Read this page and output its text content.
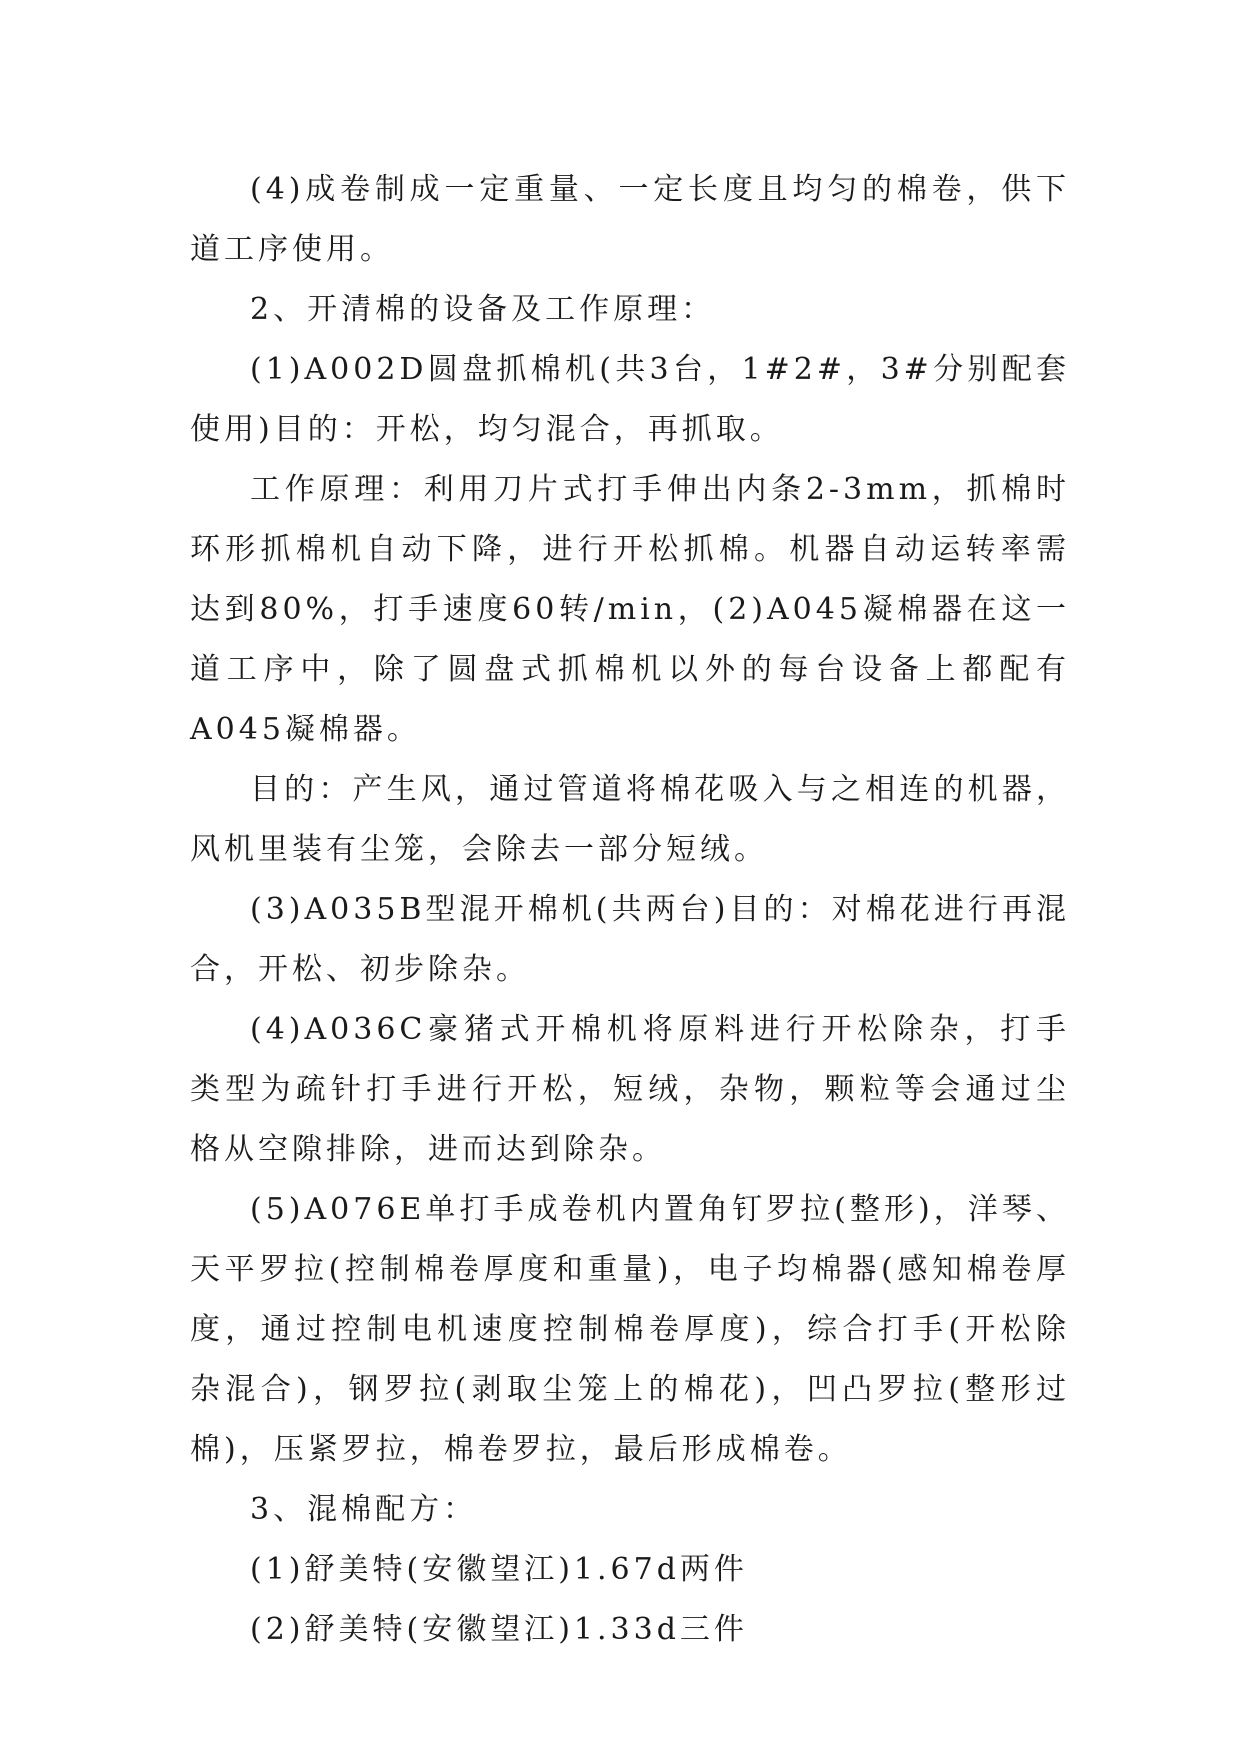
(4)成卷制成一定重量、一定长度且均匀的棉卷，供下道工序使用。

2、开清棉的设备及工作原理：

(1)A002D圆盘抓棉机(共3台，1#2#，3#分别配套使用)目的：开松，均匀混合，再抓取。

工作原理：利用刀片式打手伸出内条2-3mm，抓棉时环形抓棉机自动下降，进行开松抓棉。机器自动运转率需达到80%，打手速度60转/min，(2)A045凝棉器在这一道工序中，除了圆盘式抓棉机以外的每台设备上都配有A045凝棉器。

目的：产生风，通过管道将棉花吸入与之相连的机器，风机里装有尘笼，会除去一部分短绒。

(3)A035B型混开棉机(共两台)目的：对棉花进行再混合，开松、初步除杂。

(4)A036C豪猪式开棉机将原料进行开松除杂，打手类型为疏针打手进行开松，短绒，杂物，颗粒等会通过尘格从空隙排除，进而达到除杂。

(5)A076E单打手成卷机内置角钉罗拉(整形)，洋琴、天平罗拉(控制棉卷厚度和重量)，电子均棉器(感知棉卷厚度，通过控制电机速度控制棉卷厚度)，综合打手(开松除杂混合)，钢罗拉(剥取尘笼上的棉花)，凹凸罗拉(整形过棉)，压紧罗拉，棉卷罗拉，最后形成棉卷。

3、混棉配方：

(1)舒美特(安徽望江)1.67d两件

(2)舒美特(安徽望江)1.33d三件
